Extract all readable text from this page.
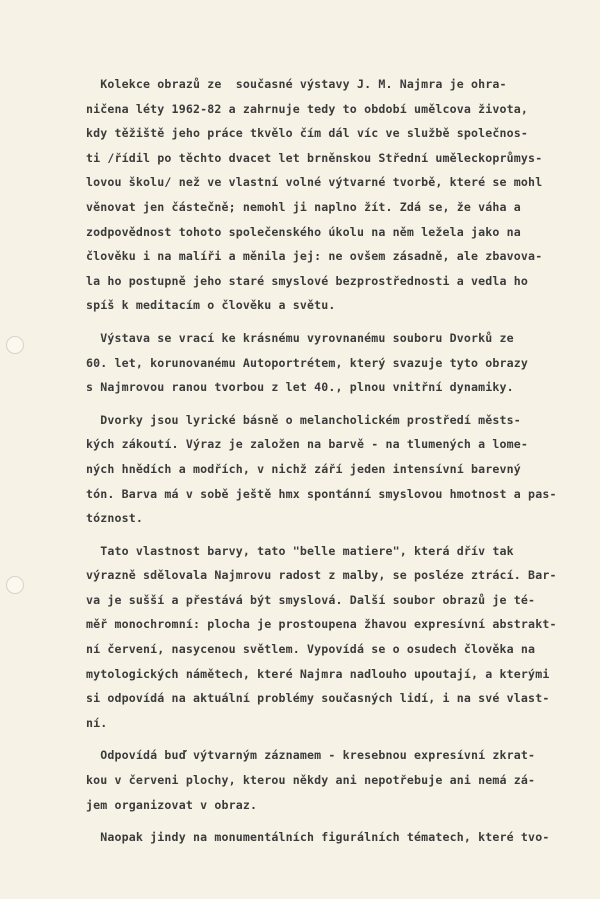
Kolekce obrazů ze  současné výstavy J. M. Najmra je ohra-
ničena léty 1962-82 a zahrnuje tedy to období umělcova života,
kdy těžiště jeho práce tkvělo čím dál víc ve službě společnos-
ti /řídil po těchto dvacet let brněnskou Střední uměleckoprůmys-
lovou školu/ než ve vlastní volné výtvarné tvorbě, které se mohl
věnovat jen částečně; nemohl ji naplno žít. Zdá se, že váha a
zodpovědnost tohoto společenského úkolu na něm ležela jako na
člověku i na malíři a měnila jej: ne ovšem zásadně, ale zbavova-
la ho postupně jeho staré smyslové bezprostřednosti a vedla ho
spíš k meditacím o člověku a světu.
Výstava se vrací ke krásnému vyrovnanému souboru Dvorků ze
60. let, korunovanému Autoportrétem, který svazuje tyto obrazy
s Najmrovou ranou tvorbou z let 40., plnou vnitřní dynamiky.
Dvorky jsou lyrické básně o melancholickém prostředí městs-
kých zákoutí. Výraz je založen na barvě - na tlumených a lome-
ných hnědích a modřích, v nichž září jeden intensívní barevný
tón. Barva má v sobě ještě hmx spontánní smyslovou hmotnost a pas-
tóznost.
Tato vlastnost barvy, tato "belle matiere", která dřív tak
výrazně sdělovala Najmrovu radost z malby, se posléze ztrácí. Bar-
va je sušší a přestává být smyslová. Další soubor obrazů je té-
měř monochromní: plocha je prostoupena žhavou expresívní abstrakt-
ní červení, nasycenou světlem. Vypovídá se o osudech člověka na
mytologických námětech, které Najmra nadlouho upoutají, a kterými
si odpovídá na aktuální problémy současných lidí, i na své vlast-
ní.
Odpovídá buď výtvarným záznamem - kresebnou expresívní zkrat-
kou v červeni plochy, kterou někdy ani nepotřebuje ani nemá zá-
jem organizovat v obraz.
Naopak jindy na monumentálních figurálních tématech, které tvo-
